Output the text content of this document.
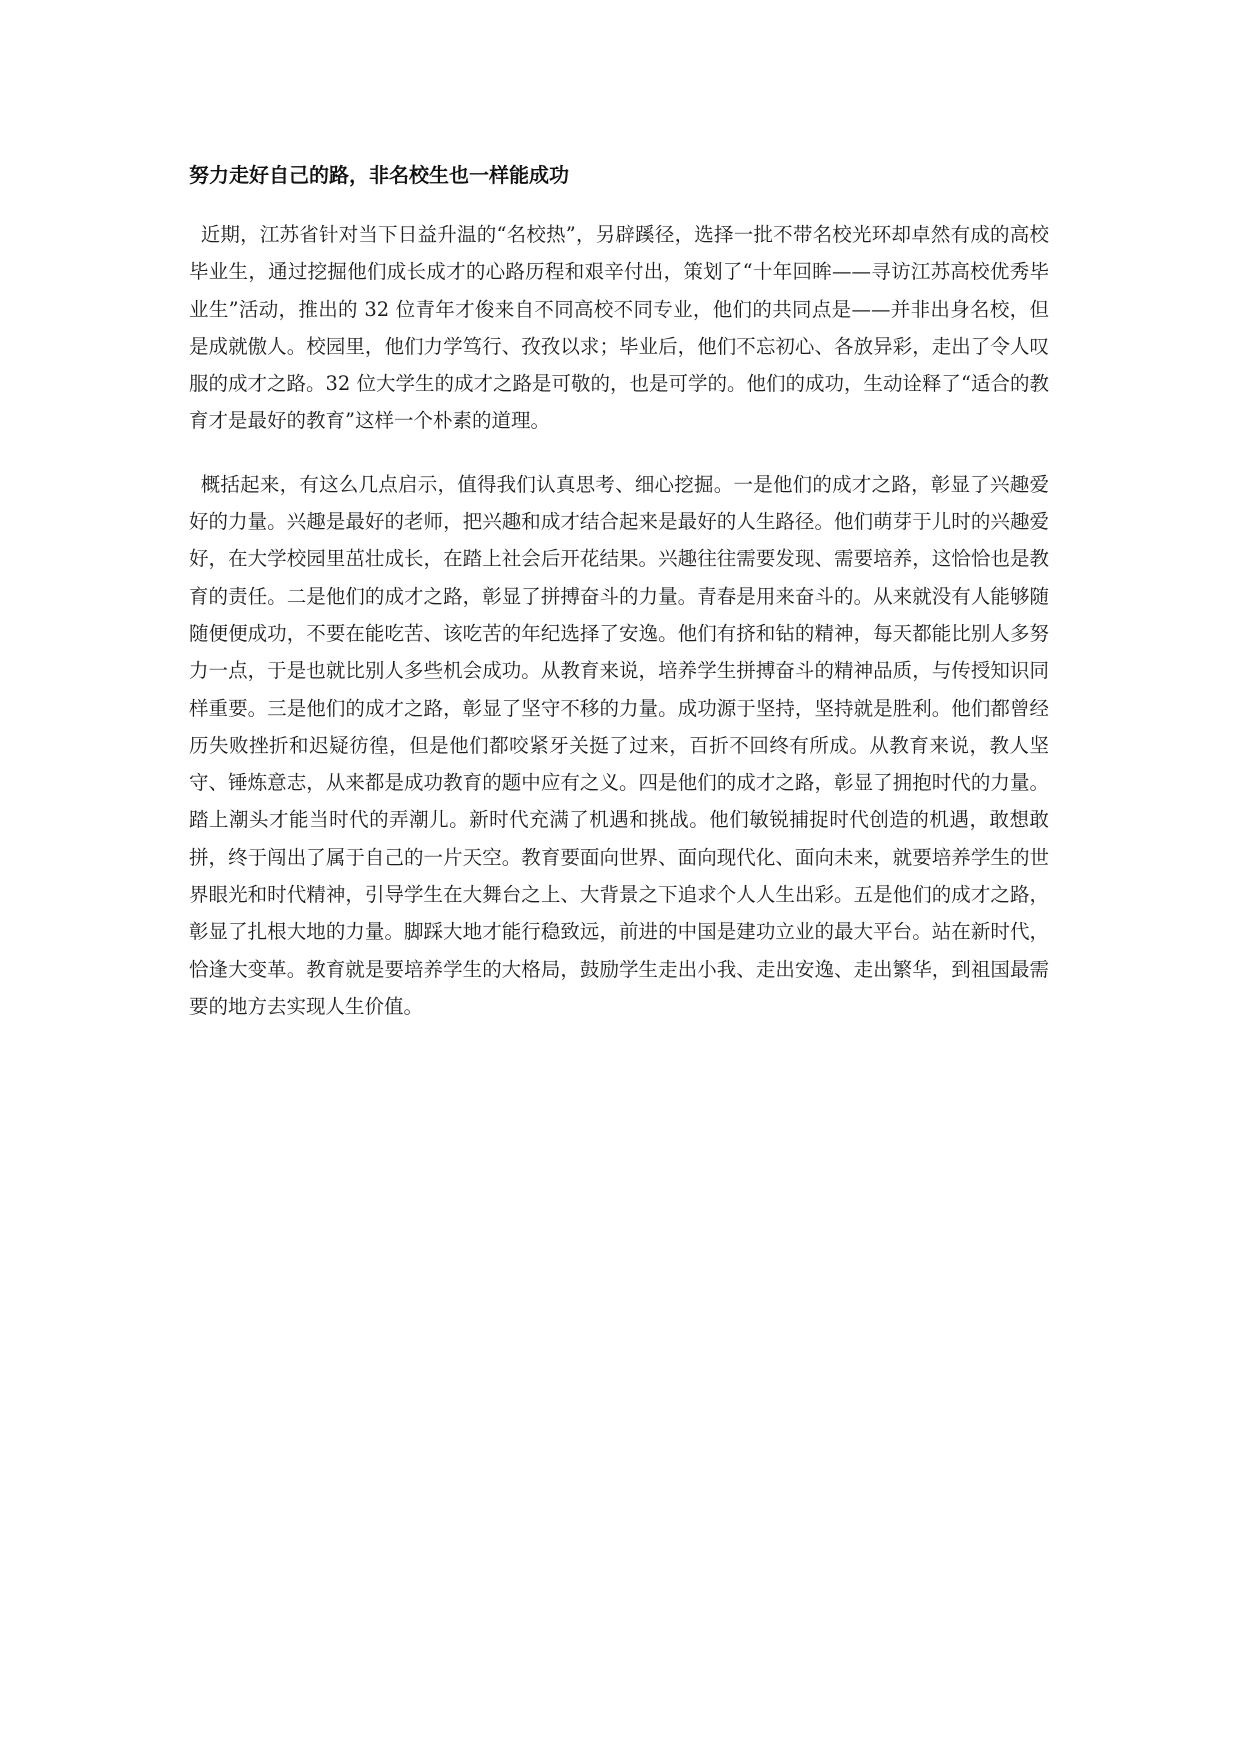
努力走好自己的路，非名校生也一样能成功

近期，江苏省针对当下日益升温的“名校热”，另辟蹊径，选择一批不带名校光环却卓然有成的高校毕业生，通过挖掘他们成长成才的心路历程和艰辛付出，策划了“十年回眸——寻访江苏高校优秀毕业生”活动，推出的 32 位青年才俊来自不同高校不同专业，他们的共同点是——并非出身名校，但是成就傲人。校园里，他们力学笃行、孜孜以求；毕业后，他们不忘初心、各放异彩，走出了令人叹服的成才之路。32 位大学生的成才之路是可敬的，也是可学的。他们的成功，生动诠释了“适合的教育才是最好的教育”这样一个朴素的道理。

概括起来，有这么几点启示，值得我们认真思考、细心挖掘。一是他们的成才之路，彰显了兴趣爱好的力量。兴趣是最好的老师，把兴趣和成才结合起来是最好的人生路径。他们萌芽于儿时的兴趣爱好，在大学校园里茁壮成长，在踏上社会后开花结果。兴趣往往需要发现、需要培养，这恰恰也是教育的责任。二是他们的成才之路，彰显了拼搏奋斗的力量。青春是用来奋斗的。从来就没有人能够随随便便成功，不要在能吃苦、该吃苦的年纪选择了安逸。他们有挤和钻的精神，每天都能比别人多努力一点，于是也就比别人多些机会成功。从教育来说，培养学生拼搏奋斗的精神品质，与传授知识同样重要。三是他们的成才之路，彰显了坚守不移的力量。成功源于坚持，坚持就是胜利。他们都曾经历失败挫折和迟疑彷徨，但是他们都咬紧牙关挺了过来，百折不回终有所成。从教育来说，教人坚守、锤炼意志，从来都是成功教育的题中应有之义。四是他们的成才之路，彰显了拥抱时代的力量。踏上潮头才能当时代的弄潮儿。新时代充满了机遇和挑战。他们敏锐捕捉时代创造的机遇，敢想敢拼，终于闯出了属于自己的一片天空。教育要面向世界、面向现代化、面向未来，就要培养学生的世界眼光和时代精神，引导学生在大舞台之上、大背景之下追求个人人生出彩。五是他们的成才之路，彰显了扎根大地的力量。脚踩大地才能行稳致远，前进的中国是建功立业的最大平台。站在新时代，恰逢大变革。教育就是要培养学生的大格局，鼓励学生走出小我、走出安逸、走出繁华，到祖国最需要的地方去实现人生价值。
